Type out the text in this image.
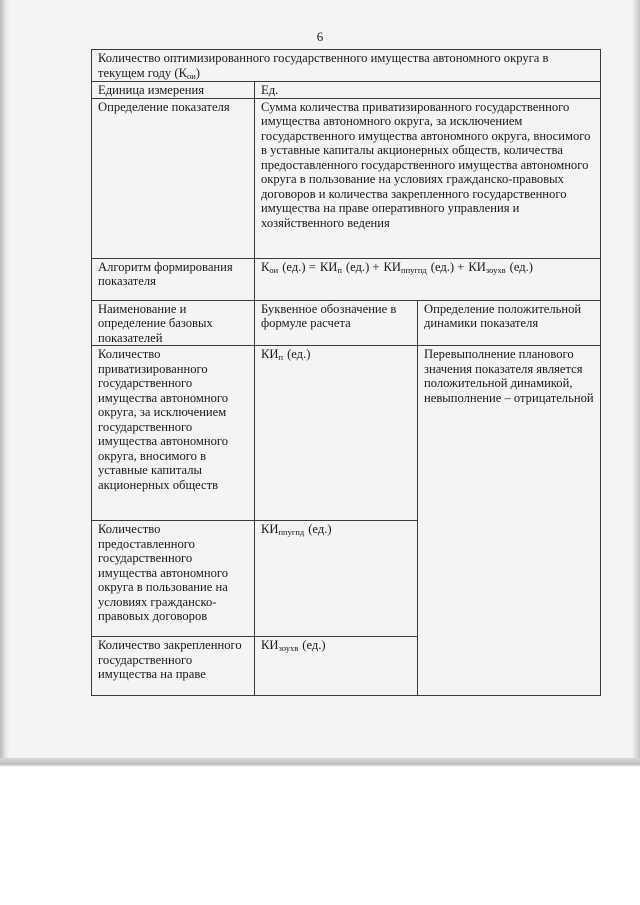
6
Количество оптимизированного государственного имущества автономного округа в текущем году $(К_{ои})$		
Единица измерения	Ед.	
Определение показателя	Сумма количества приватизированного государственного имущества автономного округа, за исключением государственного имущества автономного округа, вносимого в уставные капиталы акционерных обществ, количества предоставленного государственного имущества автономного округа в пользование на условиях гражданско-правовых договоров и количества закрепленного государственного имущества на праве оперативного управления и хозяйственного ведения	
Алгоритм формирования показателя	$К_{ои}$ $(ед.) = КИ_п$ $(ед.) + КИ_{ппугпд}$ $(ед.) + КИ_{зоухв}$ (ед.)	
Наименование и определение базовых показателей	Буквенное обозначение в формуле расчета	Определение положительной динамики показателя
Количество приватизированного государственного имущества автономного округа, за исключением государственного имущества автономного округа, вносимого в уставные капиталы акционерных обществ	$КИ_п$ (ед.)	Перевыполнение планового значения показателя является положительной динамикой, невыполнение – отрицательной
Количество предоставленного государственного имущества автономного округа в пользование на условиях гражданско-правовых договоров	$КИ_{ппугпд}$ (ед.)	
Количество закрепленного государственного имущества на праве	$КИ_{зоухв}$ (ед.)	
